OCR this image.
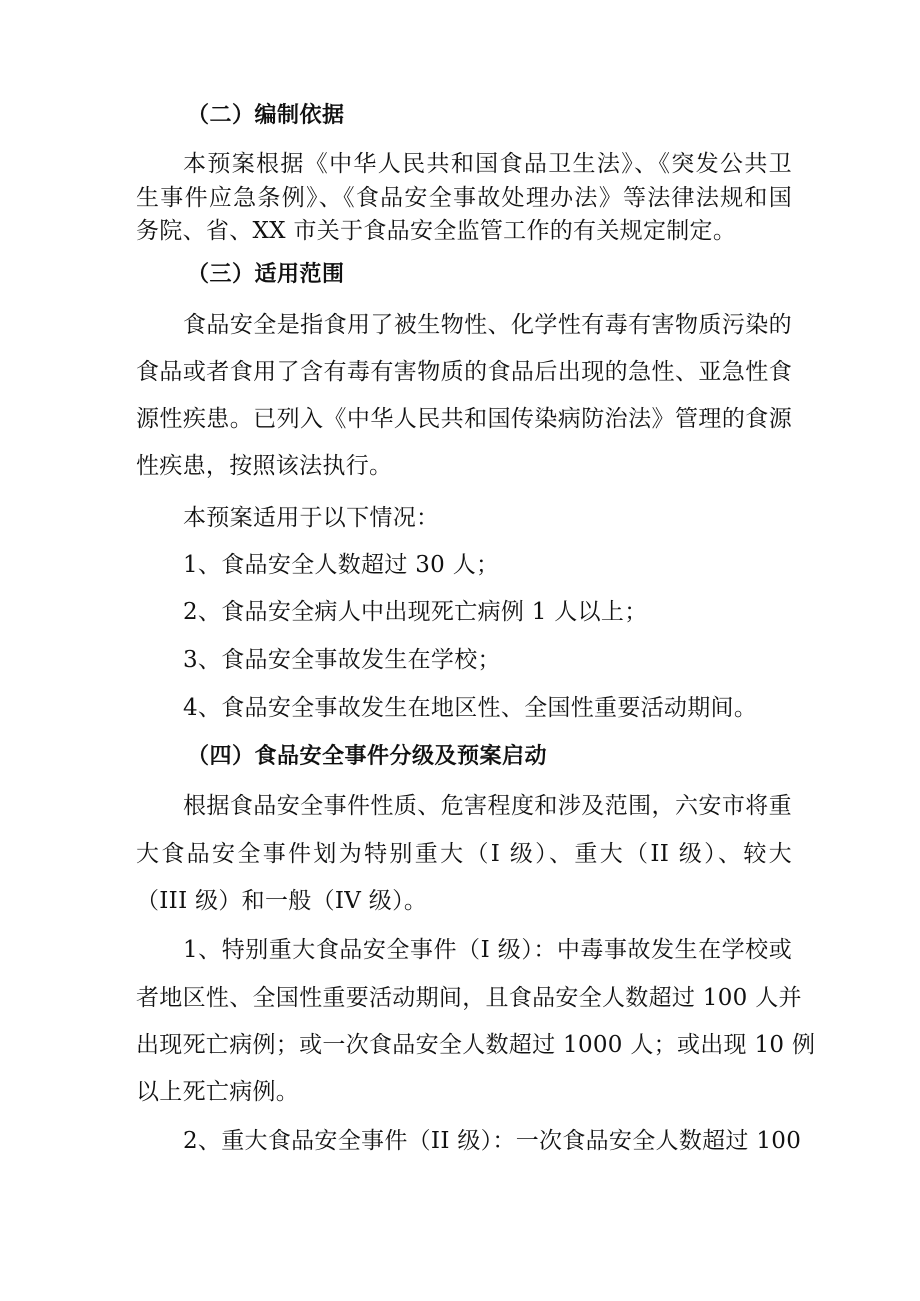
（二）编制依据
本预案根据《中华人民共和国食品卫生法》、《突发公共卫
生事件应急条例》、《食品安全事故处理办法》等法律法规和国
务院、省、XX 市关于食品安全监管工作的有关规定制定。
（三）适用范围
食品安全是指食用了被生物性、化学性有毒有害物质污染的
食品或者食用了含有毒有害物质的食品后出现的急性、亚急性食
源性疾患。已列入《中华人民共和国传染病防治法》管理的食源
性疾患，按照该法执行。
本预案适用于以下情况：
1、食品安全人数超过 30 人；
2、食品安全病人中出现死亡病例 1 人以上；
3、食品安全事故发生在学校；
4、食品安全事故发生在地区性、全国性重要活动期间。
（四）食品安全事件分级及预案启动
根据食品安全事件性质、危害程度和涉及范围，六安市将重
大食品安全事件划为特别重大（I 级）、重大（II 级）、较大
（III 级）和一般（IV 级）。
1、特别重大食品安全事件（I 级）：中毒事故发生在学校或
者地区性、全国性重要活动期间，且食品安全人数超过 100 人并
出现死亡病例；或一次食品安全人数超过 1000 人；或出现 10 例
以上死亡病例。
2、重大食品安全事件（II 级）：一次食品安全人数超过 100
